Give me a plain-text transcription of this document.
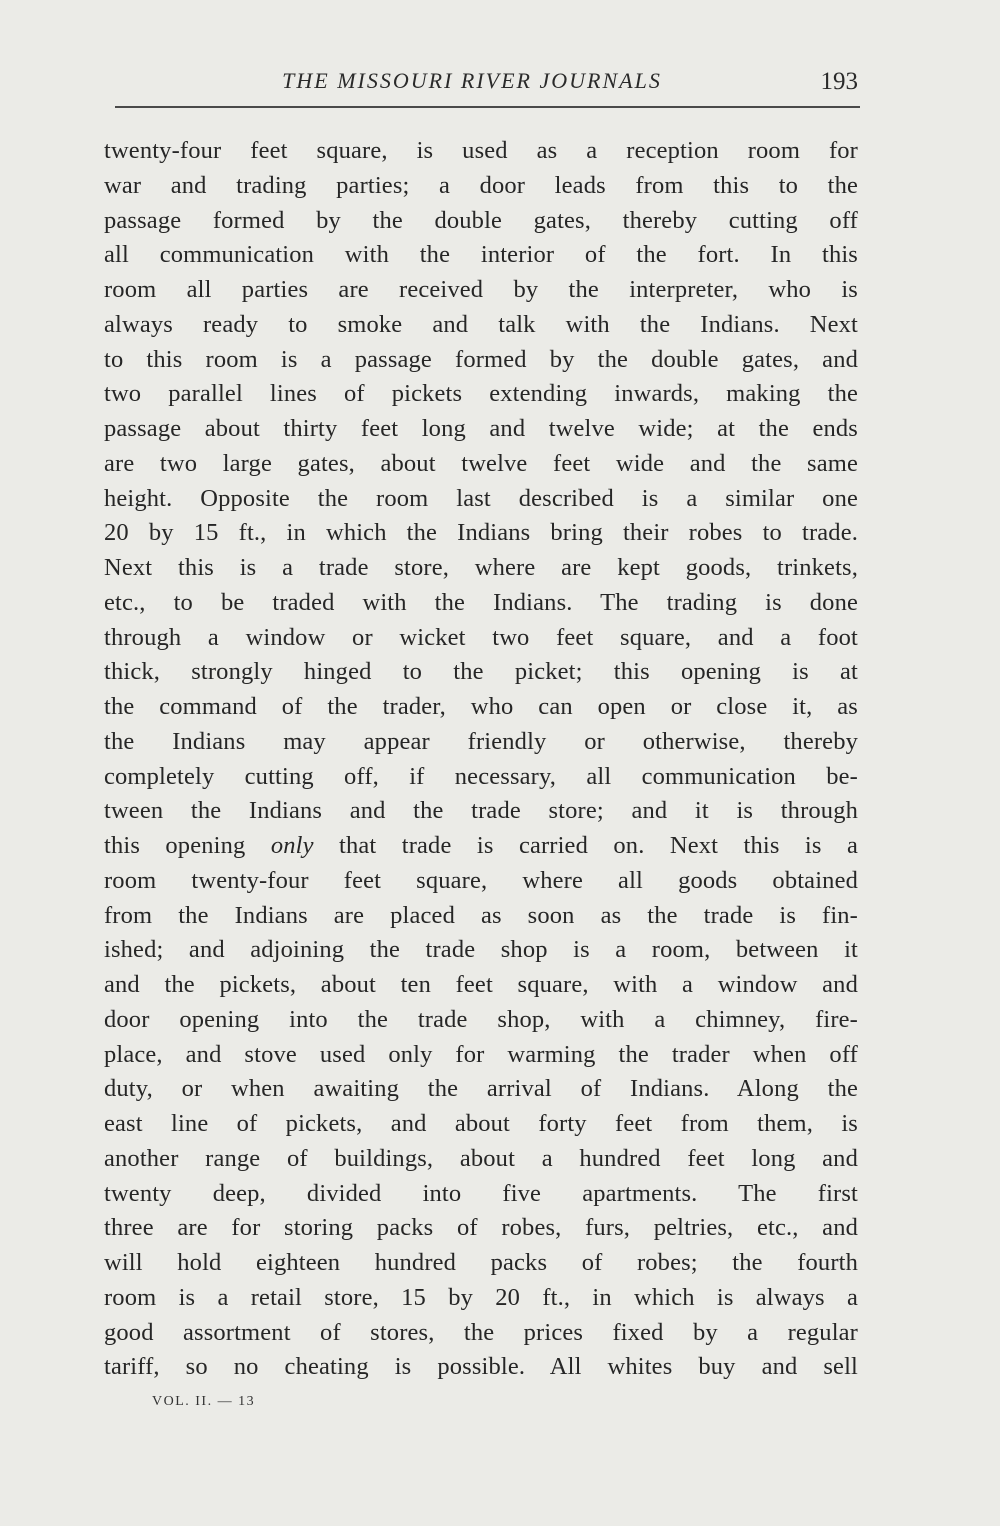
THE MISSOURI RIVER JOURNALS	193
twenty-four feet square, is used as a reception room for
war and trading parties; a door leads from this to the
passage formed by the double gates, thereby cutting off
all communication with the interior of the fort. In this
room all parties are received by the interpreter, who is
always ready to smoke and talk with the Indians. Next
to this room is a passage formed by the double gates, and
two parallel lines of pickets extending inwards, making the
passage about thirty feet long and twelve wide; at the ends
are two large gates, about twelve feet wide and the same
height. Opposite the room last described is a similar one
20 by 15 ft., in which the Indians bring their robes to trade.
Next this is a trade store, where are kept goods, trinkets,
etc., to be traded with the Indians. The trading is done
through a window or wicket two feet square, and a foot
thick, strongly hinged to the picket; this opening is at
the command of the trader, who can open or close it, as
the Indians may appear friendly or otherwise, thereby
completely cutting off, if necessary, all communication be-
tween the Indians and the trade store; and it is through
this opening only that trade is carried on. Next this is a
room twenty-four feet square, where all goods obtained
from the Indians are placed as soon as the trade is fin-
ished; and adjoining the trade shop is a room, between it
and the pickets, about ten feet square, with a window and
door opening into the trade shop, with a chimney, fire-
place, and stove used only for warming the trader when off
duty, or when awaiting the arrival of Indians. Along the
east line of pickets, and about forty feet from them, is
another range of buildings, about a hundred feet long and
twenty deep, divided into five apartments. The first
three are for storing packs of robes, furs, peltries, etc., and
will hold eighteen hundred packs of robes; the fourth
room is a retail store, 15 by 20 ft., in which is always a
good assortment of stores, the prices fixed by a regular
tariff, so no cheating is possible. All whites buy and sell
VOL. II. — 13
